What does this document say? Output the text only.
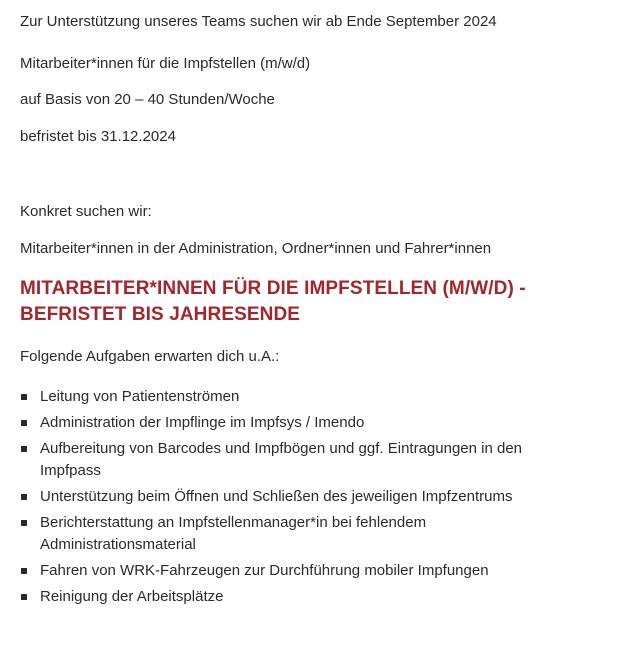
Zur Unterstützung unseres Teams suchen wir ab Ende September 2024

Mitarbeiter*innen für die Impfstellen (m/w/d)

auf Basis von 20 – 40 Stunden/Woche

befristet bis 31.12.2024

Konkret suchen wir:

Mitarbeiter*innen in der Administration, Ordner*innen und Fahrer*innen

MITARBEITER*INNEN FÜR DIE IMPFSTELLEN (M/W/D) - BEFRISTET BIS JAHRESENDE

Folgende Aufgaben erwarten dich u.A.:

Leitung von Patientenströmen
Administration der Impflinge im Impfsys / Imendo
Aufbereitung von Barcodes und Impfbögen und ggf. Eintragungen in den Impfpass
Unterstützung beim Öffnen und Schließen des jeweiligen Impfzentrums
Berichterstattung an Impfstellenmanager*in bei fehlendem Administrationsmaterial
Fahren von WRK-Fahrzeugen zur Durchführung mobiler Impfungen
Reinigung der Arbeitsplätze
